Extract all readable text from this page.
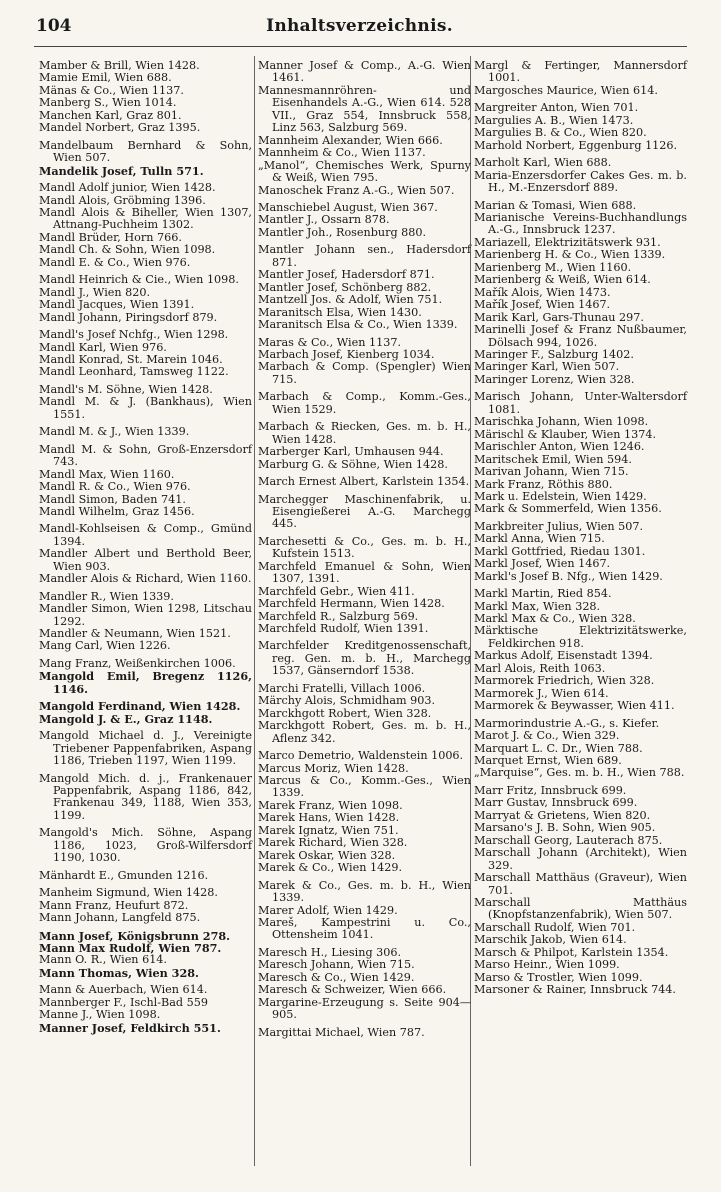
104	Inhaltsverzeichnis.

Mamber & Brill, Wien 1428.

Mamie Emil, Wien 688.

Mänas & Co., Wien 1137.

Manberg S., Wien 1014.

Manchen Karl, Graz 801.

Mandel Norbert, Graz 1395.

Mandelbaum Bernhard & Sohn, Wien 507.

Mandelik Josef, Tulln 571.

Mandl Adolf junior, Wien 1428.

Mandl Alois, Gröbming 1396.

Mandl Alois & Biheller, Wien 1307, Attnang-Puchheim 1302.

Mandl Brüder, Horn 766.

Mandl Ch. & Sohn, Wien 1098.

Mandl E. & Co., Wien 976.

Mandl Heinrich & Cie., Wien 1098.

Mandl J., Wien 820.

Mandl Jacques, Wien 1391.

Mandl Johann, Piringsdorf 879.

Mandl's Josef Nchfg., Wien 1298.

Mandl Karl, Wien 976.

Mandl Konrad, St. Marein 1046.

Mandl Leonhard, Tamsweg 1122.

Mandl's M. Söhne, Wien 1428.

Mandl M. & J. (Bankhaus), Wien 1551.

Mandl M. & J., Wien 1339.

Mandl M. & Sohn, Groß-Enzersdorf 743.

Mandl Max, Wien 1160.

Mandl R. & Co., Wien 976.

Mandl Simon, Baden 741.

Mandl Wilhelm, Graz 1456.

Mandl-Kohlseisen & Comp., Gmünd 1394.

Mandler Albert und Berthold Beer, Wien 903.

Mandler Alois & Richard, Wien 1160.

Mandler R., Wien 1339.

Mandler Simon, Wien 1298, Litschau 1292.

Mandler & Neumann, Wien 1521.

Mang Carl, Wien 1226.

Mang Franz, Weißenkirchen 1006.

Mangold Emil, Bregenz 1126, 1146.

Mangold Ferdinand, Wien 1428.

Mangold J. & E., Graz 1148.

Mangold Michael d. J., Vereinigte Triebener Pappenfabriken, Aspang 1186, Trieben 1197, Wien 1199.

Mangold Mich. d. j., Frankenauer Pappenfabrik, Aspang 1186, 842, Frankenau 349, 1188, Wien 353, 1199.

Mangold's Mich. Söhne, Aspang 1186, 1023, Groß-Wilfersdorf 1190, 1030.

Mänhardt E., Gmunden 1216.

Manheim Sigmund, Wien 1428.

Mann Franz, Heufurt 872.

Mann Johann, Langfeld 875.

Mann Josef, Königsbrunn 278.

Mann Max Rudolf, Wien 787.

Mann O. R., Wien 614.

Mann Thomas, Wien 328.

Mann & Auerbach, Wien 614.

Mannberger F., Ischl-Bad 559

Manne J., Wien 1098.

Manner Josef, Feldkirch 551.

Manner Josef & Comp., A.-G. Wien 1461.

Mannesmannröhren- und Eisenhandels A.-G., Wien 614. 528 VII., Graz 554, Innsbruck 558, Linz 563, Salzburg 569.

Mannheim Alexander, Wien 666.

Mannheim & Co., Wien 1137.

„Manol“, Chemisches Werk, Spurny & Weiß, Wien 795.

Manoschek Franz A.-G., Wien 507.

Manschiebel August, Wien 367.

Mantler J., Ossarn 878.

Mantler Joh., Rosenburg 880.

Mantler Johann sen., Hadersdorf 871.

Mantler Josef, Hadersdorf 871.

Mantler Josef, Schönberg 882.

Mantzell Jos. & Adolf, Wien 751.

Maranitsch Elsa, Wien 1430.

Maranitsch Elsa & Co., Wien 1339.

Maras & Co., Wien 1137.

Marbach Josef, Kienberg 1034.

Marbach & Comp. (Spengler) Wien 715.

Marbach & Comp., Komm.-Ges., Wien 1529.

Marbach & Riecken, Ges. m. b. H., Wien 1428.

Marberger Karl, Umhausen 944.

Marburg G. & Söhne, Wien 1428.

March Ernest Albert, Karlstein 1354.

Marchegger Maschinenfabrik, u. Eisengießerei A.-G. Marchegg 445.

Marchesetti & Co., Ges. m. b. H., Kufstein 1513.

Marchfeld Emanuel & Sohn, Wien 1307, 1391.

Marchfeld Gebr., Wien 411.

Marchfeld Hermann, Wien 1428.

Marchfeld R., Salzburg 569.

Marchfeld Rudolf, Wien 1391.

Marchfelder Kreditgenossenschaft, reg. Gen. m. b. H., Marchegg 1537, Gänserndorf 1538.

Marchi Fratelli, Villach 1006.

Märchy Alois, Schmidham 903.

Marckhgott Robert, Wien 328.

Marckhgott Robert, Ges. m. b. H., Aflenz 342.

Marco Demetrio, Waldenstein 1006.

Marcus Moriz, Wien 1428.

Marcus & Co., Komm.-Ges., Wien 1339.

Marek Franz, Wien 1098.

Marek Hans, Wien 1428.

Marek Ignatz, Wien 751.

Marek Richard, Wien 328.

Marek Oskar, Wien 328.

Marek & Co., Wien 1429.

Marek & Co., Ges. m. b. H., Wien 1339.

Marer Adolf, Wien 1429.

Mareš, Kampestrini u. Co., Ottensheim 1041.

Maresch H., Liesing 306.

Maresch Johann, Wien 715.

Maresch & Co., Wien 1429.

Maresch & Schweizer, Wien 666.

Margarine-Erzeugung s. Seite 904—905.

Margittai Michael, Wien 787.

Margl & Fertinger, Mannersdorf 1001.

Margosches Maurice, Wien 614.

Margreiter Anton, Wien 701.

Margulies A. B., Wien 1473.

Margulies B. & Co., Wien 820.

Marhold Norbert, Eggenburg 1126.

Marholt Karl, Wien 688.

Maria-Enzersdorfer Cakes Ges. m. b. H., M.-Enzersdorf 889.

Marian & Tomasi, Wien 688.

Marianische Vereins-Buchhandlungs A.-G., Innsbruck 1237.

Mariazell, Elektrizitätswerk 931.

Marienberg H. & Co., Wien 1339.

Marienberg M., Wien 1160.

Marienberg & Weiß, Wien 614.

Mařík Alois, Wien 1473.

Mařík Josef, Wien 1467.

Marik Karl, Gars-Thunau 297.

Marinelli Josef & Franz Nußbaumer, Dölsach 994, 1026.

Maringer F., Salzburg 1402.

Maringer Karl, Wien 507.

Maringer Lorenz, Wien 328.

Marisch Johann, Unter-Waltersdorf 1081.

Marischka Johann, Wien 1098.

Märischl & Klauber, Wien 1374.

Marischler Anton, Wien 1246.

Maritschek Emil, Wien 594.

Marivan Johann, Wien 715.

Mark Franz, Röthis 880.

Mark u. Edelstein, Wien 1429.

Mark & Sommerfeld, Wien 1356.

Markbreiter Julius, Wien 507.

Markl Anna, Wien 715.

Markl Gottfried, Riedau 1301.

Markl Josef, Wien 1467.

Markl's Josef B. Nfg., Wien 1429.

Markl Martin, Ried 854.

Markl Max, Wien 328.

Markl Max & Co., Wien 328.

Märktische Elektrizitätswerke, Feldkirchen 918.

Markus Adolf, Eisenstadt 1394.

Marl Alois, Reith 1063.

Marmorek Friedrich, Wien 328.

Marmorek J., Wien 614.

Marmorek & Beywasser, Wien 411.

Marmorindustrie A.-G., s. Kiefer.

Marot J. & Co., Wien 329.

Marquart L. C. Dr., Wien 788.

Marquet Ernst, Wien 689.

„Marquise“, Ges. m. b. H., Wien 788.

Marr Fritz, Innsbruck 699.

Marr Gustav, Innsbruck 699.

Marryat & Grietens, Wien 820.

Marsano's J. B. Sohn, Wien 905.

Marschall Georg, Lauterach 875.

Marschall Johann (Architekt), Wien 329.

Marschall Matthäus (Graveur), Wien 701.

Marschall Matthäus (Knopfstanzenfabrik), Wien 507.

Marschall Rudolf, Wien 701.

Marschik Jakob, Wien 614.

Marsch & Philpot, Karlstein 1354.

Marso Heinr., Wien 1099.

Marso & Trostler, Wien 1099.

Marsoner & Rainer, Innsbruck 744.
